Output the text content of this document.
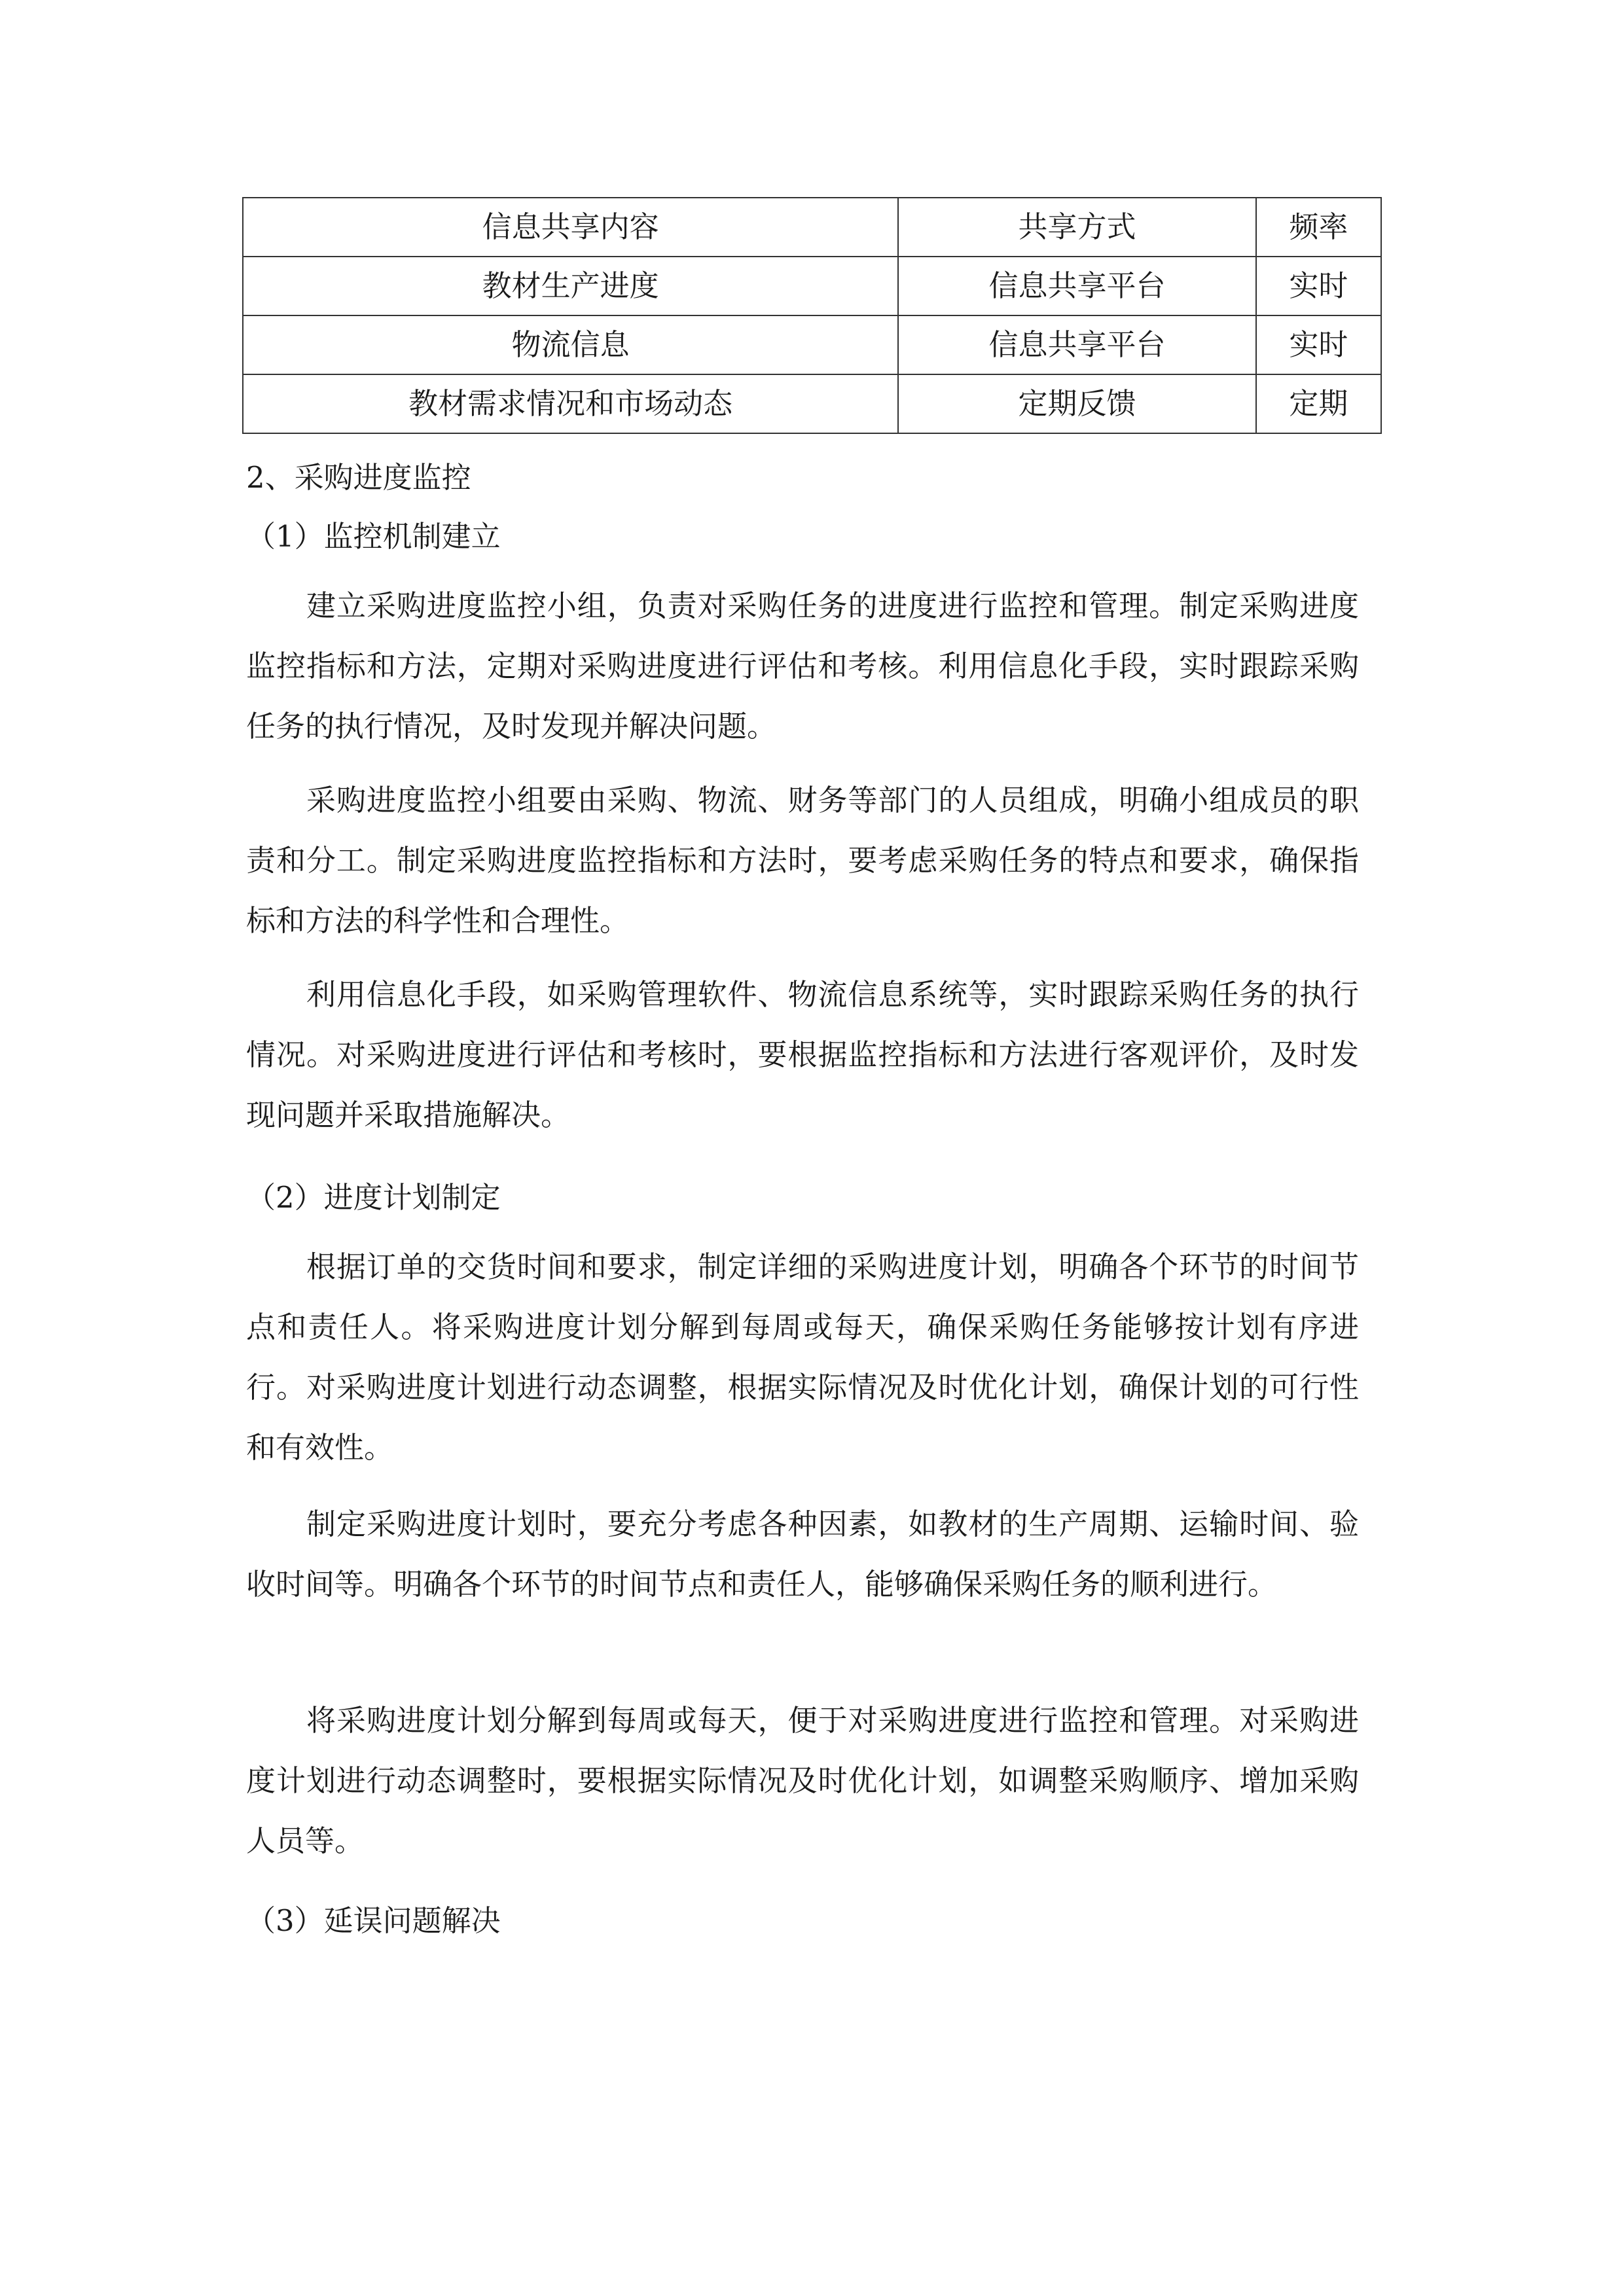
信息共享内容	共享方式	频率
教材生产进度	信息共享平台	实时
物流信息	信息共享平台	实时
教材需求情况和市场动态	定期反馈	定期
2、采购进度监控
（1）监控机制建立

建立采购进度监控小组，负责对采购任务的进度进行监控和管理。制定采购进度监控指标和方法，定期对采购进度进行评估和考核。利用信息化手段，实时跟踪采购任务的执行情况，及时发现并解决问题。

采购进度监控小组要由采购、物流、财务等部门的人员组成，明确小组成员的职责和分工。制定采购进度监控指标和方法时，要考虑采购任务的特点和要求，确保指标和方法的科学性和合理性。

利用信息化手段，如采购管理软件、物流信息系统等，实时跟踪采购任务的执行情况。对采购进度进行评估和考核时，要根据监控指标和方法进行客观评价，及时发现问题并采取措施解决。

（2）进度计划制定

根据订单的交货时间和要求，制定详细的采购进度计划，明确各个环节的时间节点和责任人。将采购进度计划分解到每周或每天，确保采购任务能够按计划有序进行。对采购进度计划进行动态调整，根据实际情况及时优化计划，确保计划的可行性和有效性。

制定采购进度计划时，要充分考虑各种因素，如教材的生产周期、运输时间、验收时间等。明确各个环节的时间节点和责任人，能够确保采购任务的顺利进行。

将采购进度计划分解到每周或每天，便于对采购进度进行监控和管理。对采购进度计划进行动态调整时，要根据实际情况及时优化计划，如调整采购顺序、增加采购人员等。

（3）延误问题解决
